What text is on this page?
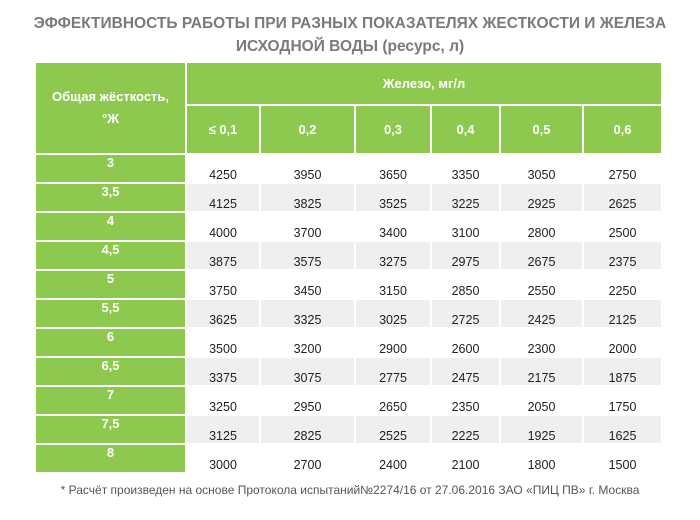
ЭФФЕКТИВНОСТЬ РАБОТЫ ПРИ РАЗНЫХ ПОКАЗАТЕЛЯХ ЖЕСТКОСТИ И ЖЕЛЕЗА
ИСХОДНОЙ ВОДЫ (ресурс, л)
Общая жёсткость,
°Ж	Железо, мг/л					
	≤ 0,1	0,2	0,3	0,4	0,5	0,6
3	4250	3950	3650	3350	3050	2750
3,5	4125	3825	3525	3225	2925	2625
4	4000	3700	3400	3100	2800	2500
4,5	3875	3575	3275	2975	2675	2375
5	3750	3450	3150	2850	2550	2250
5,5	3625	3325	3025	2725	2425	2125
6	3500	3200	2900	2600	2300	2000
6,5	3375	3075	2775	2475	2175	1875
7	3250	2950	2650	2350	2050	1750
7,5	3125	2825	2525	2225	1925	1625
8	3000	2700	2400	2100	1800	1500
* Расчёт произведен на основе Протокола испытаний№2274/16 от 27.06.2016 ЗАО «ПИЦ ПВ» г. Москва
